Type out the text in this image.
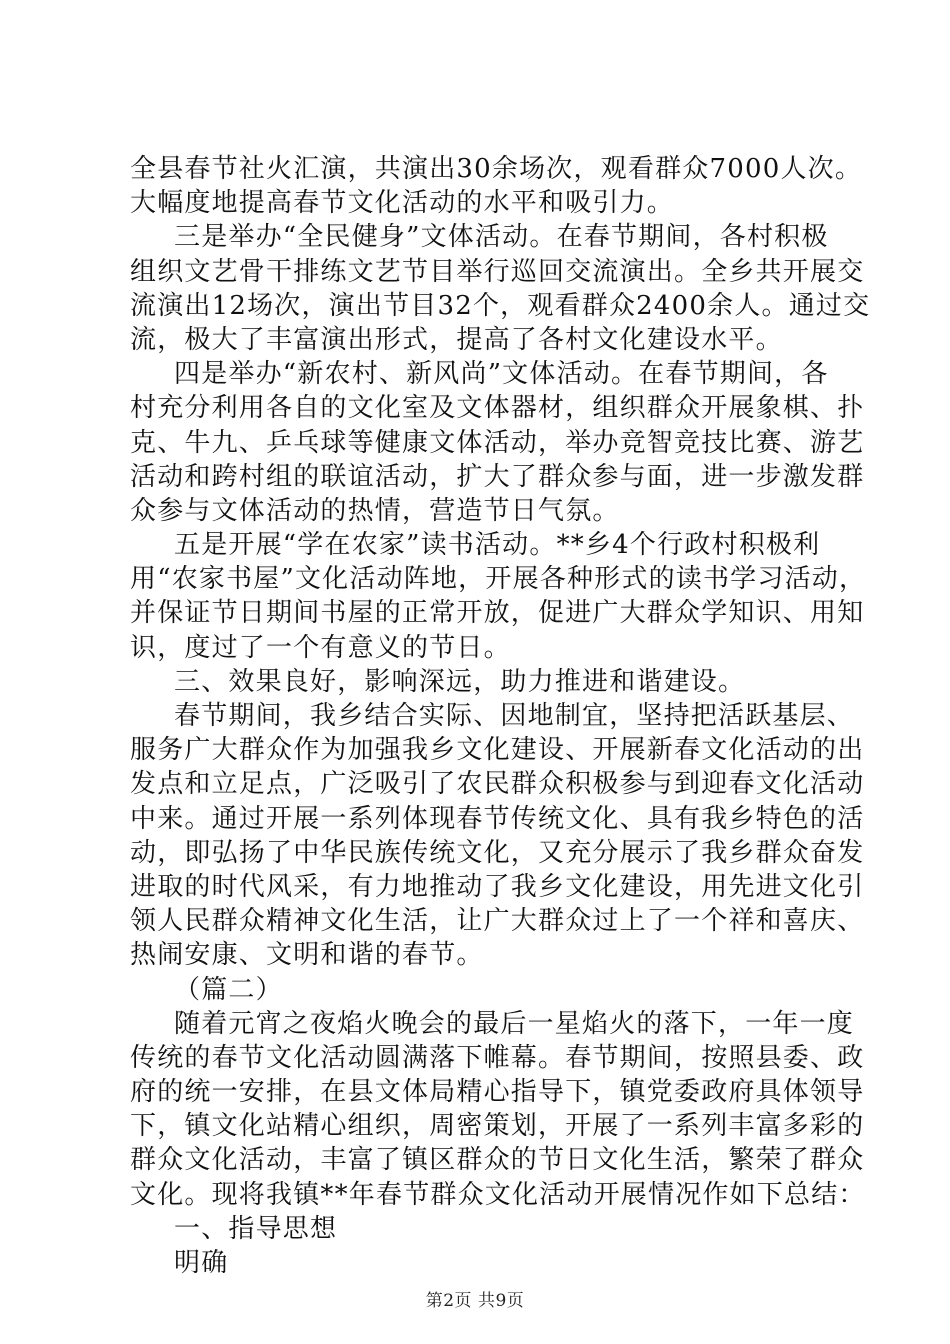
全县春节社火汇演，共演出30余场次，观看群众7000人次。
大幅度地提高春节文化活动的水平和吸引力。
三是举办“全民健身”文体活动。在春节期间，各村积极
组织文艺骨干排练文艺节目举行巡回交流演出。全乡共开展交
流演出12场次，演出节目32个，观看群众2400余人。通过交
流，极大了丰富演出形式，提高了各村文化建设水平。
四是举办“新农村、新风尚”文体活动。在春节期间，各
村充分利用各自的文化室及文体器材，组织群众开展象棋、扑
克、牛九、乒乓球等健康文体活动，举办竞智竞技比赛、游艺
活动和跨村组的联谊活动，扩大了群众参与面，进一步激发群
众参与文体活动的热情，营造节日气氛。
五是开展“学在农家”读书活动。**乡4个行政村积极利
用“农家书屋”文化活动阵地，开展各种形式的读书学习活动，
并保证节日期间书屋的正常开放，促进广大群众学知识、用知
识，度过了一个有意义的节日。
三、效果良好，影响深远，助力推进和谐建设。
春节期间，我乡结合实际、因地制宜，坚持把活跃基层、
服务广大群众作为加强我乡文化建设、开展新春文化活动的出
发点和立足点，广泛吸引了农民群众积极参与到迎春文化活动
中来。通过开展一系列体现春节传统文化、具有我乡特色的活
动，即弘扬了中华民族传统文化，又充分展示了我乡群众奋发
进取的时代风采，有力地推动了我乡文化建设，用先进文化引
领人民群众精神文化生活，让广大群众过上了一个祥和喜庆、
热闹安康、文明和谐的春节。
（篇二）
随着元宵之夜焰火晚会的最后一星焰火的落下，一年一度
传统的春节文化活动圆满落下帷幕。春节期间，按照县委、政
府的统一安排，在县文体局精心指导下，镇党委政府具体领导
下，镇文化站精心组织，周密策划，开展了一系列丰富多彩的
群众文化活动，丰富了镇区群众的节日文化生活，繁荣了群众
文化。现将我镇**年春节群众文化活动开展情况作如下总结：
一、指导思想
明确
第2页 共9页
